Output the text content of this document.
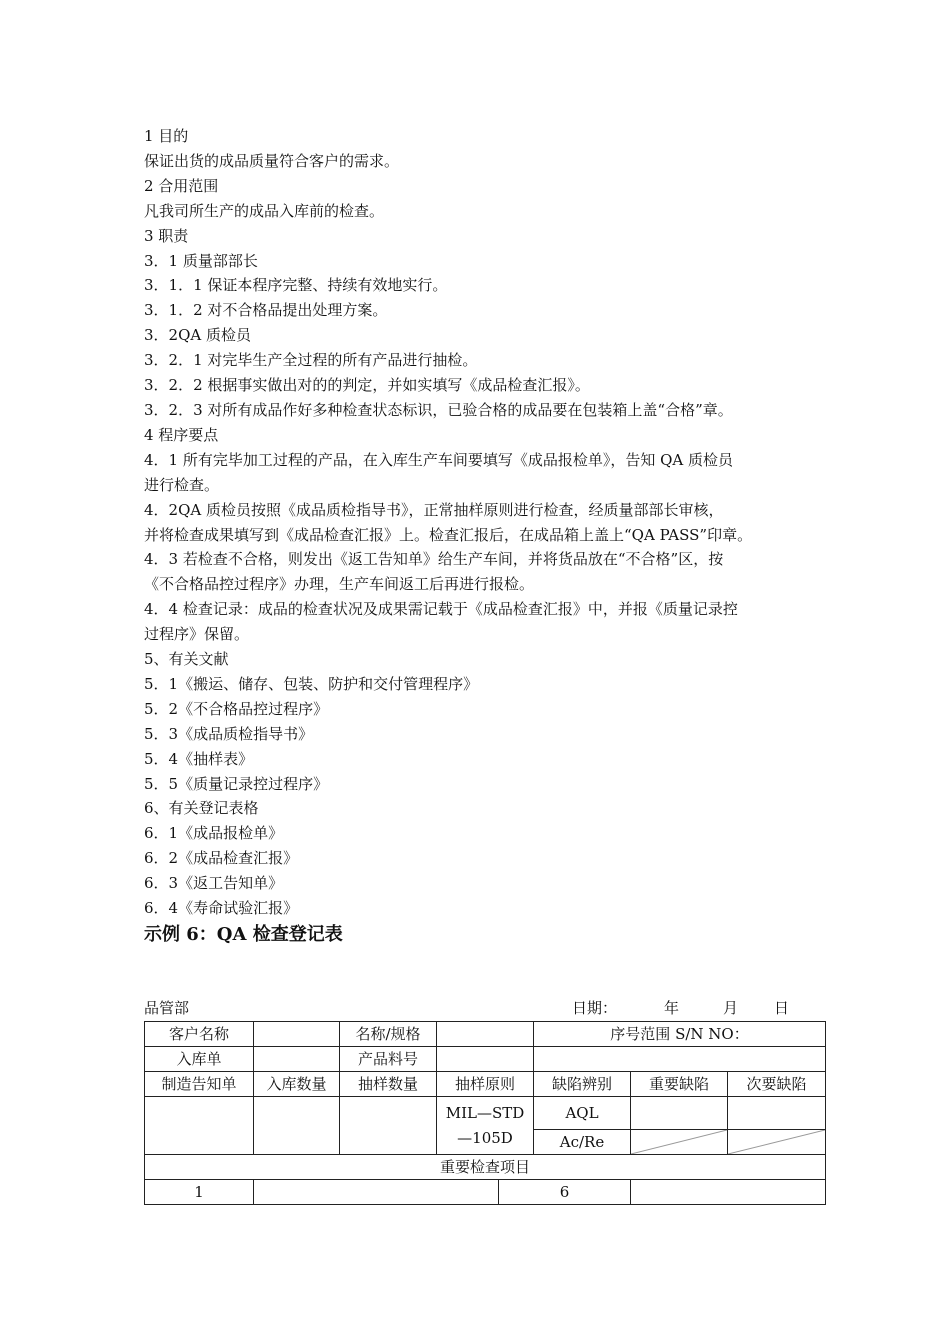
1 目的

保证出货的成品质量符合客户的需求。

2 合用范围

凡我司所生产的成品入库前的检查。

3 职责

3．1 质量部部长

3．1．1 保证本程序完整、持续有效地实行。

3．1．2 对不合格品提出处理方案。

3．2QA 质检员

3．2．1 对完毕生产全过程的所有产品进行抽检。

3．2．2 根据事实做出对的的判定，并如实填写《成品检查汇报》。

3．2．3 对所有成品作好多种检查状态标识，已验合格的成品要在包装箱上盖“合格”章。

4 程序要点

4．1 所有完毕加工过程的产品，在入库生产车间要填写《成品报检单》，告知 QA 质检员

进行检查。

4．2QA 质检员按照《成品质检指导书》，正常抽样原则进行检查，经质量部部长审核，

并将检查成果填写到《成品检查汇报》上。检查汇报后，在成品箱上盖上“QA PASS”印章。

4．3 若检查不合格，则发出《返工告知单》给生产车间，并将货品放在“不合格”区，按

《不合格品控过程序》办理，生产车间返工后再进行报检。

4．4 检查记录：成品的检查状况及成果需记载于《成品检查汇报》中，并报《质量记录控

过程序》保留。

5、有关文献

5．1《搬运、储存、包装、防护和交付管理程序》

5．2《不合格品控过程序》

5．3《成品质检指导书》

5．4《抽样表》

5．5《质量记录控过程序》

6、有关登记表格

6．1《成品报检单》

6．2《成品检查汇报》

6．3《返工告知单》

6．4《寿命试验汇报》

示例 6：QA 检查登记表
品管部	日期：	年	月 日
客户名称		名称/规格			序号范围 S/N NO：		
入库单		产品料号					
制造告知单	入库数量	抽样数量	抽样原则		缺陷辨别	重要缺陷	次要缺陷
			MIL—STD—105D		AQL		
					Ac/Re	

重要检查项目							
1				6			
